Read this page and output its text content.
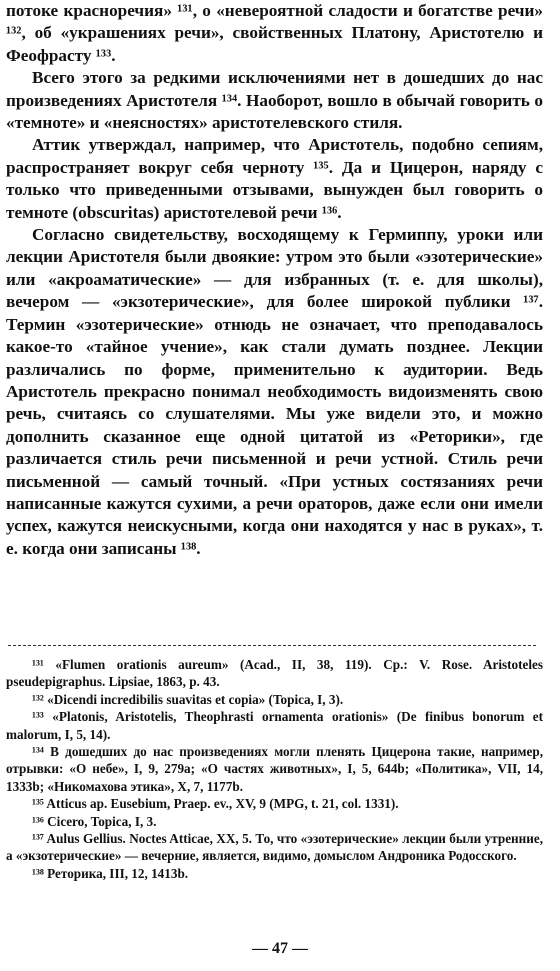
потоке красноречия» ¹³¹, о «невероятной сладости и богатстве речи» ¹³², об «украшениях речи», свойственных Платону, Аристотелю и Феофрасту ¹³³.

Всего этого за редкими исключениями нет в дошедших до нас произведениях Аристотеля ¹³⁴. Наоборот, вошло в обычай говорить о «темноте» и «неясностях» аристотелевского стиля.

Аттик утверждал, например, что Аристотель, подобно сепиям, распространяет вокруг себя черноту ¹³⁵. Да и Цицерон, наряду с только что приведенными отзывами, вынужден был говорить о темноте (obscuritas) аристотелевой речи ¹³⁶.

Согласно свидетельству, восходящему к Гермиппу, уроки или лекции Аристотеля были двоякие: утром это были «эзотерические» или «акроаматические» — для избранных (т. е. для школы), вечером — «экзотерические», для более широкой публики ¹³⁷. Термин «эзотерические» отнюдь не означает, что преподавалось какое-то «тайное учение», как стали думать позднее. Лекции различались по форме, применительно к аудитории. Ведь Аристотель прекрасно понимал необходимость видоизменять свою речь, считаясь со слушателями. Мы уже видели это, и можно дополнить сказанное еще одной цитатой из «Реторики», где различается стиль речи письменной и речи устной. Стиль речи письменной — самый точный. «При устных состязаниях речи написанные кажутся сухими, а речи ораторов, даже если они имели успех, кажутся неискусными, когда они находятся у нас в руках», т. е. когда они записаны ¹³⁸.

¹³¹ «Flumen orationis aureum» (Acad., II, 38, 119). Cp.: V. Rose. Aristoteles pseudepigraphus. Lipsiae, 1863, p. 43.

¹³² «Dicendi incredibilis suavitas et copia» (Topica, I, 3).

¹³³ «Platonis, Aristotelis, Theophrasti ornamenta orationis» (De finibus bonorum et malorum, I, 5, 14).

¹³⁴ В дошедших до нас произведениях могли пленять Цицерона такие, например, отрывки: «О небе», I, 9, 279a; «О частях животных», I, 5, 644b; «Политика», VII, 14, 1333b; «Никомахова этика», X, 7, 1177b.

¹³⁵ Atticus ap. Eusebium, Praep. ev., XV, 9 (MPG, t. 21, col. 1331).

¹³⁶ Cicero, Topica, I, 3.

¹³⁷ Aulus Gellius. Noctes Atticae, XX, 5. То, что «эзотерические» лекции были утренние, а «экзотерические» — вечерние, является, видимо, домыслом Андроника Родосского.

¹³⁸ Реторика, III, 12, 1413b.

— 47 —
